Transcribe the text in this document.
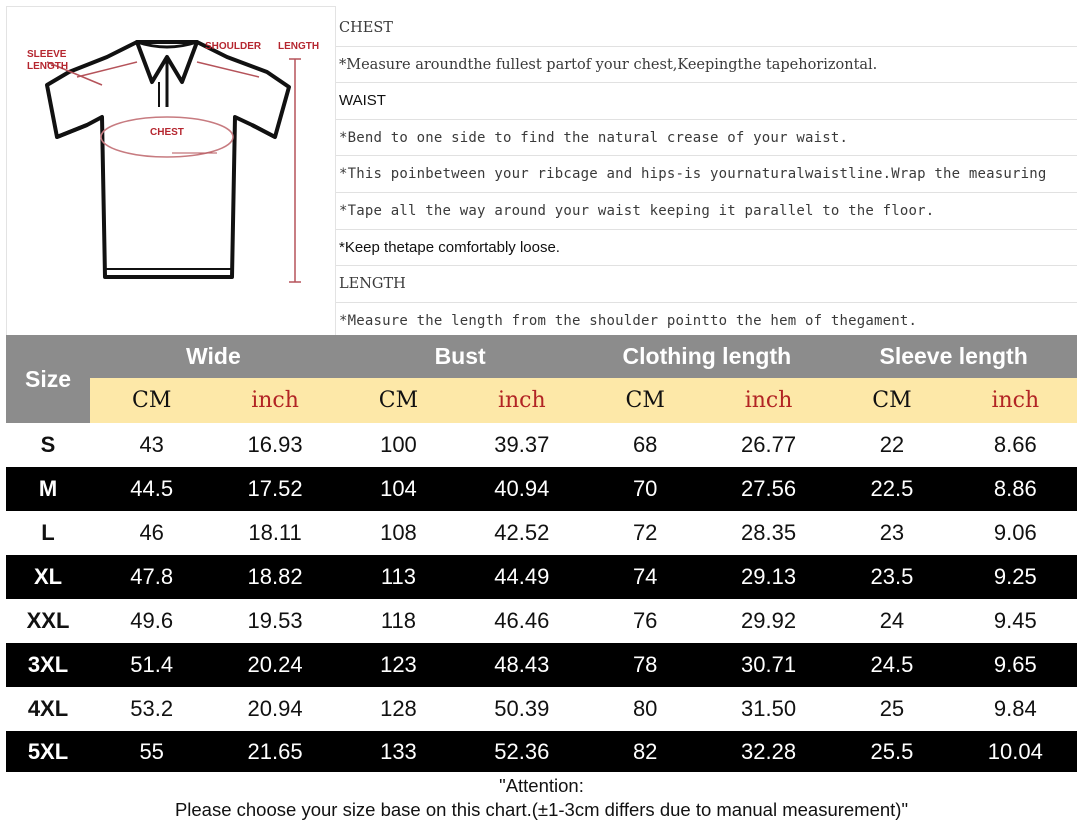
SLEEVE LENGTH
SHOULDER LENGTH
CHEST
CHEST
*Measure aroundthe fullest partof your chest,Keepingthe tapehorizontal.
WAIST
*Bend to one side to find the natural crease of your waist.
*This poinbetween your ribcage and hips-is yournaturalwaistline.Wrap the measuring
*Tape all the way around your waist keeping it parallel to the floor.
*Keep thetape comfortably loose.
LENGTH
*Measure the length from the shoulder pointto the hem of thegament.
Size
Wide	Bust	Clothing length	Sleeve length
CM	inch	CM	inch	CM	inch	CM	inch
S	43	16.93	100	39.37	68	26.77	22	8.66
M	44.5	17.52	104	40.94	70	27.56	22.5	8.86
L	46	18.11	108	42.52	72	28.35	23	9.06
XL	47.8	18.82	113	44.49	74	29.13	23.5	9.25
XXL	49.6	19.53	118	46.46	76	29.92	24	9.45
3XL	51.4	20.24	123	48.43	78	30.71	24.5	9.65
4XL	53.2	20.94	128	50.39	80	31.50	25	9.84
5XL	55	21.65	133	52.36	82	32.28	25.5	10.04
"Attention:
Please choose your size base on this chart.(±1-3cm differs due to manual measurement)"
